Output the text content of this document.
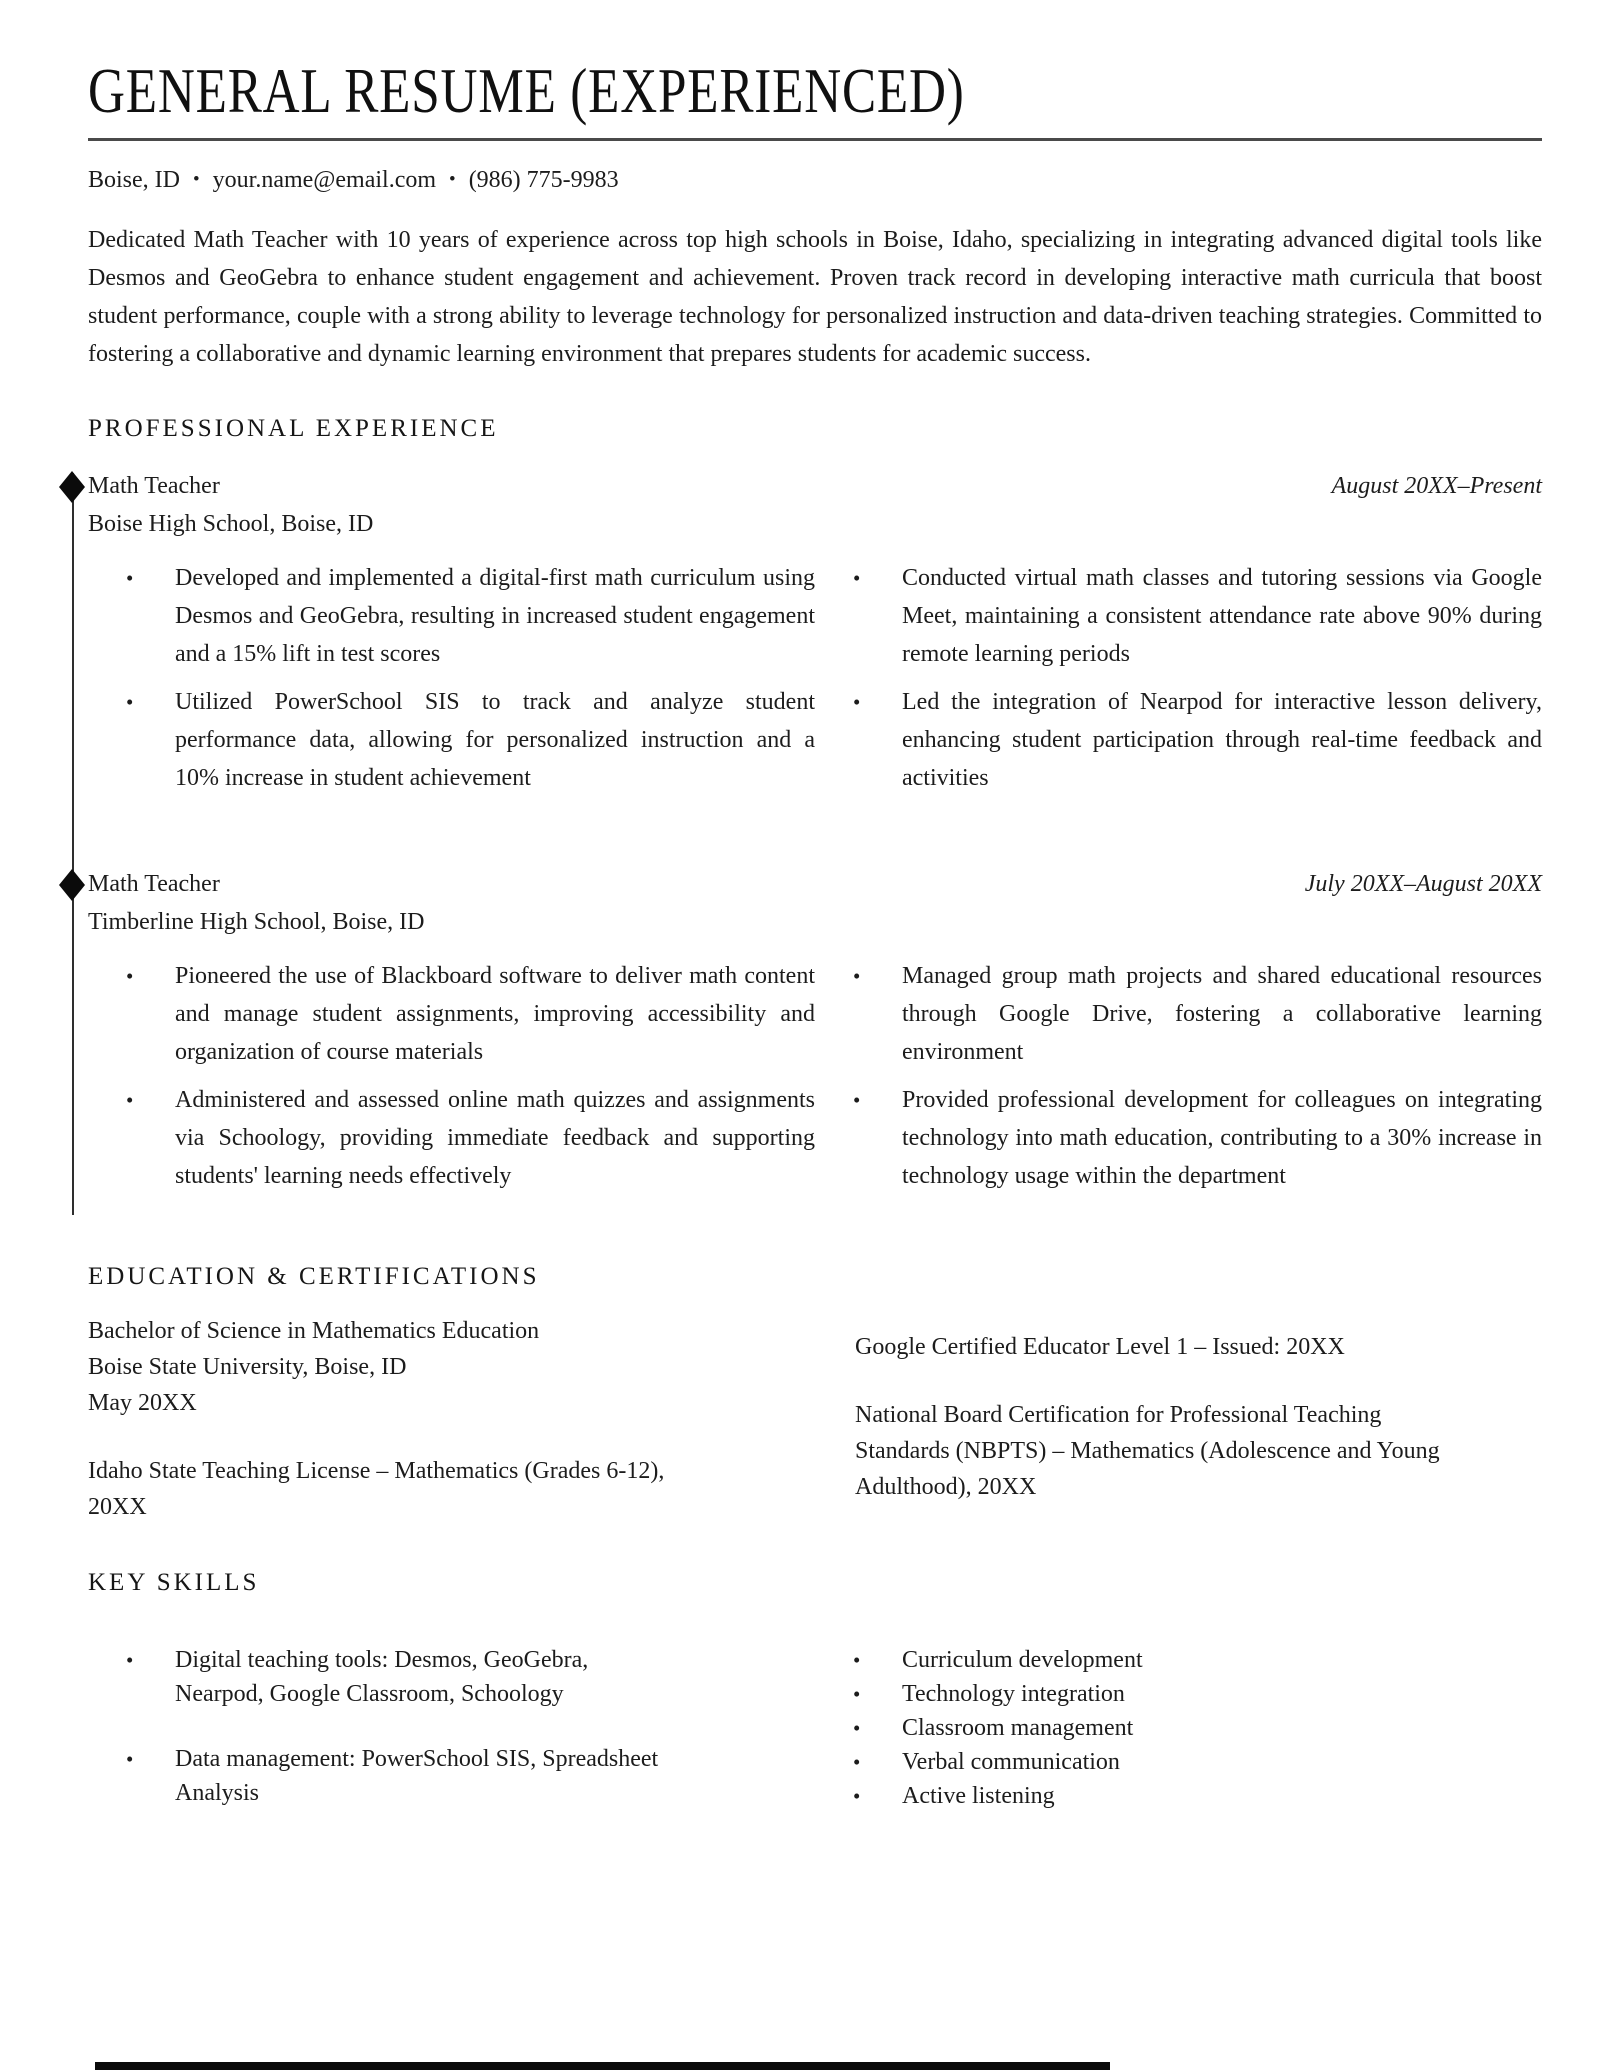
GENERAL RESUME (EXPERIENCED)
Boise, ID • your.name@email.com • (986) 775-9983

Dedicated Math Teacher with 10 years of experience across top high schools in Boise, Idaho, specializing in integrating advanced digital tools like Desmos and GeoGebra to enhance student engagement and achievement. Proven track record in developing interactive math curricula that boost student performance, couple with a strong ability to leverage technology for personalized instruction and data-driven teaching strategies. Committed to fostering a collaborative and dynamic learning environment that prepares students for academic success.

PROFESSIONAL EXPERIENCE
Math Teacher
Boise High School, Boise, ID
August 20XX–Present
•	Developed and implemented a digital-first math curriculum using Desmos and GeoGebra, resulting in increased student engagement and a 15% lift in test scores
•	Utilized PowerSchool SIS to track and analyze student performance data, allowing for personalized instruction and a 10% increase in student achievement
•	Conducted virtual math classes and tutoring sessions via Google Meet, maintaining a consistent attendance rate above 90% during remote learning periods
•	Led the integration of Nearpod for interactive lesson delivery, enhancing student participation through real-time feedback and activities
Math Teacher
Timberline High School, Boise, ID
July 20XX–August 20XX
•	Pioneered the use of Blackboard software to deliver math content and manage student assignments, improving accessibility and organization of course materials
•	Administered and assessed online math quizzes and assignments via Schoology, providing immediate feedback and supporting students' learning needs effectively
•	Managed group math projects and shared educational resources through Google Drive, fostering a collaborative learning environment
•	Provided professional development for colleagues on integrating technology into math education, contributing to a 30% increase in technology usage within the department
EDUCATION & CERTIFICATIONS
Bachelor of Science in Mathematics Education
Boise State University, Boise, ID
May 20XX
Idaho State Teaching License – Mathematics (Grades 6-12), 20XX
Google Certified Educator Level 1 – Issued: 20XX
National Board Certification for Professional Teaching Standards (NBPTS) – Mathematics (Adolescence and Young Adulthood), 20XX
KEY SKILLS
•	Digital teaching tools: Desmos, GeoGebra, Nearpod, Google Classroom, Schoology
•	Data management: PowerSchool SIS, Spreadsheet Analysis
•	Curriculum development
•	Technology integration
•	Classroom management
•	Verbal communication
•	Active listening
